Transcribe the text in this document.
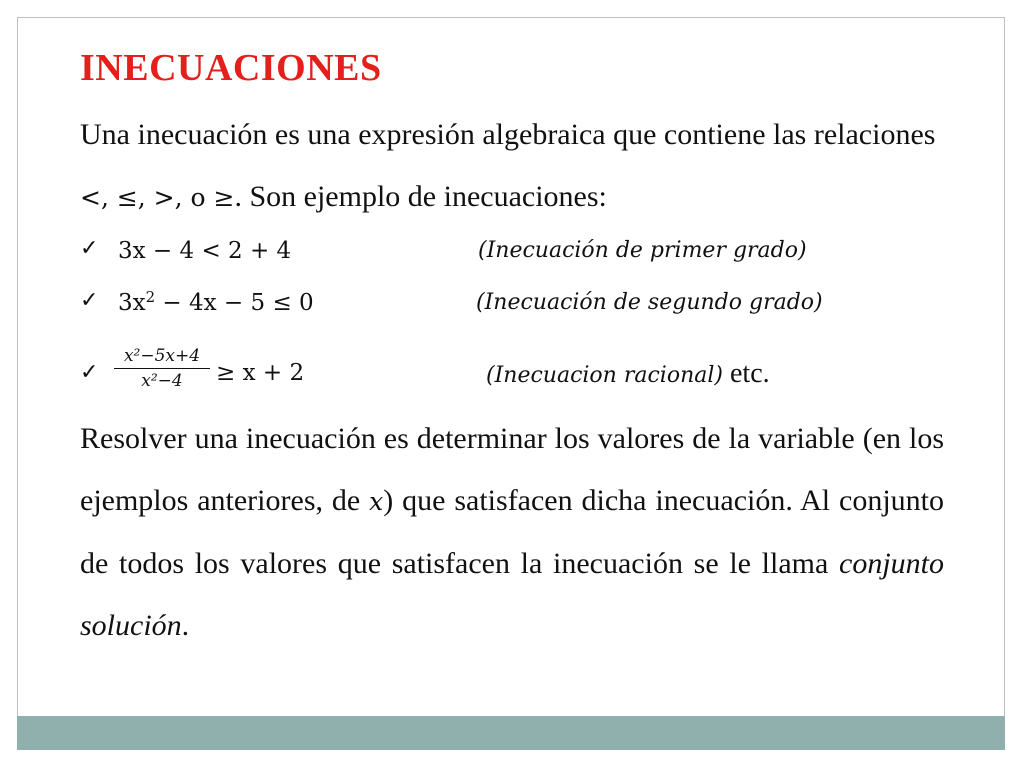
INECUACIONES
Una inecuación es una expresión algebraica que contiene las relaciones <, ≤, >, o ≥. Son ejemplo de inecuaciones:
✓ 3x − 4 < 2 + 4	(Inecuación de primer grado)
✓ $3x^2 - 4x - 5 \le 0$	(Inecuación de segundo grado)
✓ $\frac{\text{x²−5x+4}}{\text{x²−4}} \ge x + 2$	(Inecuacion racional) etc.
Resolver una inecuación es determinar los valores de la variable (en los ejemplos anteriores, de x) que satisfacen dicha inecuación. Al conjunto de todos los valores que satisfacen la inecuación se le llama conjunto solución.
